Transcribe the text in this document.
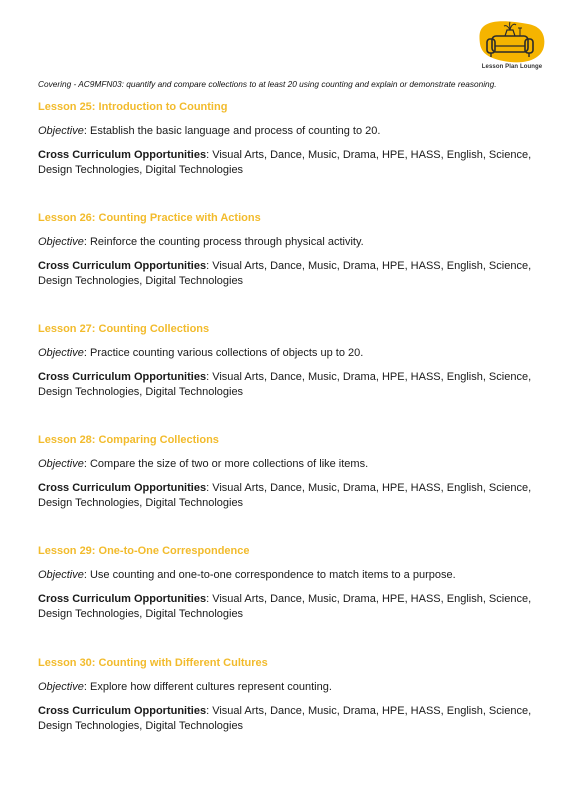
Lesson Plan Lounge
Covering - AC9MFN03: quantify and compare collections to at least 20 using counting and explain or demonstrate reasoning.

Lesson 25: Introduction to Counting

Objective: Establish the basic language and process of counting to 20.

Cross Curriculum Opportunities: Visual Arts, Dance, Music, Drama, HPE, HASS, English, Science, Design Technologies, Digital Technologies

Lesson 26: Counting Practice with Actions

Objective: Reinforce the counting process through physical activity.

Cross Curriculum Opportunities: Visual Arts, Dance, Music, Drama, HPE, HASS, English, Science, Design Technologies, Digital Technologies

Lesson 27: Counting Collections

Objective: Practice counting various collections of objects up to 20.

Cross Curriculum Opportunities: Visual Arts, Dance, Music, Drama, HPE, HASS, English, Science, Design Technologies, Digital Technologies

Lesson 28: Comparing Collections

Objective: Compare the size of two or more collections of like items.

Cross Curriculum Opportunities: Visual Arts, Dance, Music, Drama, HPE, HASS, English, Science, Design Technologies, Digital Technologies

Lesson 29: One-to-One Correspondence

Objective: Use counting and one-to-one correspondence to match items to a purpose.

Cross Curriculum Opportunities: Visual Arts, Dance, Music, Drama, HPE, HASS, English, Science, Design Technologies, Digital Technologies

Lesson 30: Counting with Different Cultures

Objective: Explore how different cultures represent counting.

Cross Curriculum Opportunities: Visual Arts, Dance, Music, Drama, HPE, HASS, English, Science, Design Technologies, Digital Technologies
